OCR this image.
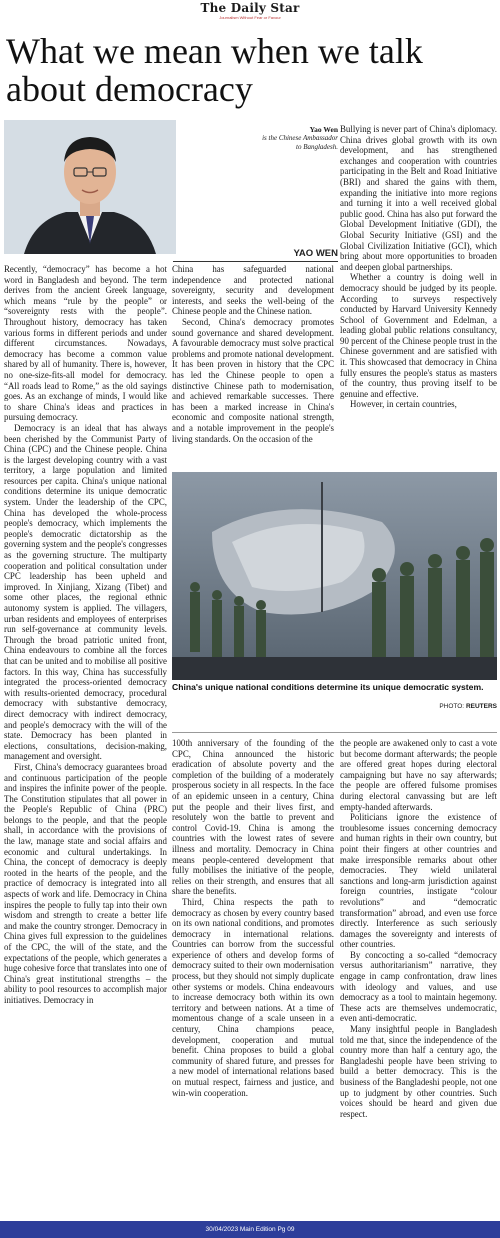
The Daily Star
Journalism Without Fear or Favour
What we mean when we talk about democracy
Yao Wen
is the Chinese Ambassador to Bangladesh.
YAO WEN

Recently, “democracy” has become a hot word in Bangladesh and beyond. The term derives from the ancient Greek language, which means “rule by the people” or “sovereignty rests with the people”. Throughout history, democracy has taken various forms in different periods and under different circumstances. Nowadays, democracy has become a common value shared by all of humanity. There is, however, no one-size-fits-all model for democracy. “All roads lead to Rome,” as the old sayings goes. As an exchange of minds, I would like to share China's ideas and practices in pursuing democracy.

Democracy is an ideal that has always been cherished by the Communist Party of China (CPC) and the Chinese people. China is the largest developing country with a vast territory, a large population and limited resources per capita. China's unique national conditions determine its unique democratic system. Under the leadership of the CPC, China has developed the whole-process people's democracy, which implements the people's democratic dictatorship as the governing system and the people's congresses as the governing structure. The multiparty cooperation and political consultation under CPC leadership has been upheld and improved. In Xinjiang, Xizang (Tibet) and some other places, the regional ethnic autonomy system is applied. The villagers, urban residents and employees of enterprises run self-governance at community levels. Through the broad patriotic united front, China endeavours to combine all the forces that can be united and to mobilise all positive factors. In this way, China has successfully integrated the process-oriented democracy with results-oriented democracy, procedural democracy with substantive democracy, direct democracy with indirect democracy, and people's democracy with the will of the state. Democracy has been planted in elections, consultations, decision-making, management and oversight.

First, China's democracy guarantees broad and continuous participation of the people and inspires the infinite power of the people. The Constitution stipulates that all power in the People's Republic of China (PRC) belongs to the people, and that the people shall, in accordance with the provisions of the law, manage state and social affairs and economic and cultural undertakings. In China, the concept of democracy is deeply rooted in the hearts of the people, and the practice of democracy is integrated into all aspects of work and life. Democracy in China inspires the people to fully tap into their own wisdom and strength to create a better life and make the country stronger. Democracy in China gives full expression to the guidelines of the CPC, the will of the state, and the expectations of the people, which generates a huge cohesive force that translates into one of China's great institutional strengths – the ability to pool resources to accomplish major initiatives. Democracy in

China has safeguarded national independence and protected national sovereignty, security and development interests, and seeks the well-being of the Chinese people and the Chinese nation.

Second, China's democracy promotes sound governance and shared development. A favourable democracy must solve practical problems and promote national development. It has been proven in history that the CPC has led the Chinese people to open a distinctive Chinese path to modernisation, and achieved remarkable successes. There has been a marked increase in China's economic and composite national strength, and a notable improvement in the people's living standards. On the occasion of the

Bullying is never part of China's diplomacy. China drives global growth with its own development, and has strengthened exchanges and cooperation with countries participating in the Belt and Road Initiative (BRI) and shared the gains with them, expanding the initiative into more regions and turning it into a well received global public good. China has also put forward the Global Development Initiative (GDI), the Global Security Initiative (GSI) and the Global Civilization Initiative (GCI), which bring about more opportunities to broaden and deepen global partnerships.

Whether a country is doing well in democracy should be judged by its people. According to surveys respectively conducted by Harvard University Kennedy School of Government and Edelman, a leading global public relations consultancy, 90 percent of the Chinese people trust in the Chinese government and are satisfied with it. This showcased that democracy in China fully ensures the people's status as masters of the country, thus proving itself to be genuine and effective.

However, in certain countries,

China's unique national conditions determine its unique democratic system.
PHOTO: REUTERS

100th anniversary of the founding of the CPC, China announced the historic eradication of absolute poverty and the completion of the building of a moderately prosperous society in all respects. In the face of an epidemic unseen in a century, China put the people and their lives first, and resolutely won the battle to prevent and control Covid-19. China is among the countries with the lowest rates of severe illness and mortality. Democracy in China means people-centered development that fully mobilises the initiative of the people, relies on their strength, and ensures that all share the benefits.

Third, China respects the path to democracy as chosen by every country based on its own national conditions, and promotes democracy in international relations. Countries can borrow from the successful experience of others and develop forms of democracy suited to their own modernisation process, but they should not simply duplicate other systems or models. China endeavours to increase democracy both within its own territory and between nations. At a time of momentous change of a scale unseen in a century, China champions peace, development, cooperation and mutual benefit. China proposes to build a global community of shared future, and presses for a new model of international relations based on mutual respect, fairness and justice, and win-win cooperation.

the people are awakened only to cast a vote but become dormant afterwards; the people are offered great hopes during electoral campaigning but have no say afterwards; the people are offered fulsome promises during electoral canvassing but are left empty-handed afterwards.

Politicians ignore the existence of troublesome issues concerning democracy and human rights in their own country, but point their fingers at other countries and make irresponsible remarks about other democracies. They wield unilateral sanctions and long-arm jurisdiction against foreign countries, instigate “colour revolutions” and “democratic transformation” abroad, and even use force directly. Interference as such seriously damages the sovereignty and interests of other countries.

By concocting a so-called “democracy versus authoritarianism” narrative, they engage in camp confrontation, draw lines with ideology and values, and use democracy as a tool to maintain hegemony. These acts are themselves undemocratic, even anti-democratic.

Many insightful people in Bangladesh told me that, since the independence of the country more than half a century ago, the Bangladeshi people have been striving to build a better democracy. This is the business of the Bangladeshi people, not one up to judgment by other countries. Such voices should be heard and given due respect.

30/04/2023 Main Edition Pg 09
